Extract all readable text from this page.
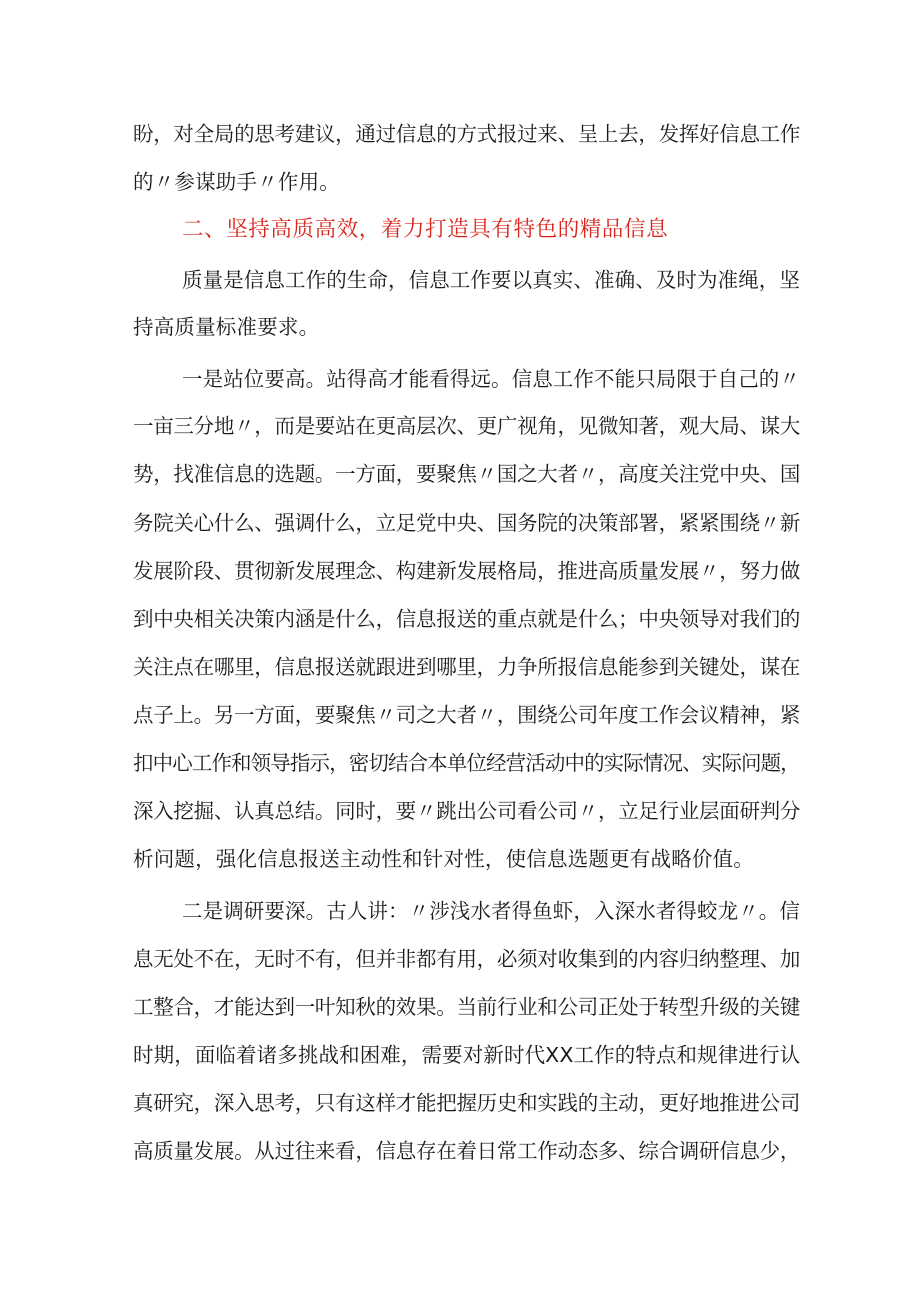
盼，对全局的思考建议，通过信息的方式报过来、呈上去，发挥好信息工作
的〃参谋助手〃作用。
二、坚持高质高效，着力打造具有特色的精品信息
质量是信息工作的生命，信息工作要以真实、准确、及时为准绳，坚
持高质量标准要求。
一是站位要高。站得高才能看得远。信息工作不能只局限于自己的〃
一亩三分地〃，而是要站在更高层次、更广视角，见微知著，观大局、谋大
势，找准信息的选题。一方面，要聚焦〃国之大者〃，高度关注党中央、国
务院关心什么、强调什么，立足党中央、国务院的决策部署，紧紧围绕〃新
发展阶段、贯彻新发展理念、构建新发展格局，推进高质量发展〃，努力做
到中央相关决策内涵是什么，信息报送的重点就是什么；中央领导对我们的
关注点在哪里，信息报送就跟进到哪里，力争所报信息能参到关键处，谋在
点子上。另一方面，要聚焦〃司之大者〃，围绕公司年度工作会议精神，紧
扣中心工作和领导指示，密切结合本单位经营活动中的实际情况、实际问题，
深入挖掘、认真总结。同时，要〃跳出公司看公司〃，立足行业层面研判分
析问题，强化信息报送主动性和针对性，使信息选题更有战略价值。
二是调研要深。古人讲：〃涉浅水者得鱼虾，入深水者得蛟龙〃。信
息无处不在，无时不有，但并非都有用，必须对收集到的内容归纳整理、加
工整合，才能达到一叶知秋的效果。当前行业和公司正处于转型升级的关键
时期，面临着诸多挑战和困难，需要对新时代XX工作的特点和规律进行认
真研究，深入思考，只有这样才能把握历史和实践的主动，更好地推进公司
高质量发展。从过往来看，信息存在着日常工作动态多、综合调研信息少，
